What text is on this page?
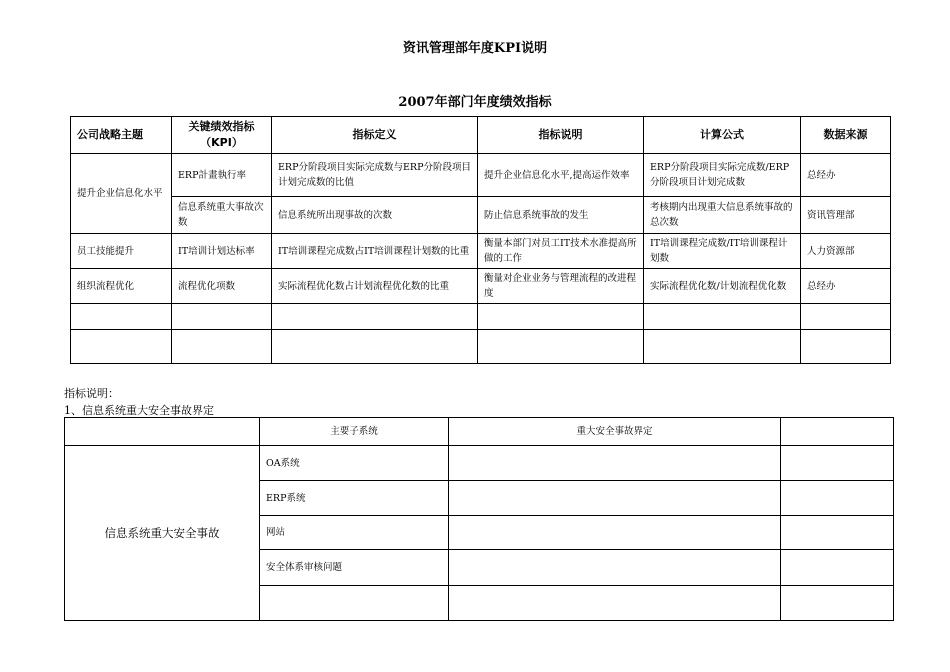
资讯管理部年度KPI说明
2007年部门年度绩效指标
公司战略主题	关键绩效指标（KPI）	指标定义	指标说明	计算公式	数据来源
提升企业信息化水平	ERP計畫執行率	ERP分阶段项目实际完成数与ERP分阶段项目计划完成数的比值	提升企业信息化水平,提高运作效率	ERP分阶段项目实际完成数/ERP分阶段项目计划完成数	总经办
	信息系统重大事故次数	信息系统所出现事故的次数	防止信息系统事故的发生	考核期内出现重大信息系统事故的总次数	资讯管理部
员工技能提升	IT培训计划达标率	IT培训课程完成数占IT培训课程计划数的比重	衡量本部门对员工IT技术水准提高所做的工作	IT培训课程完成数/IT培训课程计划数	人力资源部
组织流程优化	流程优化项数	实际流程优化数占计划流程优化数的比重	衡量对企业业务与管理流程的改进程度	实际流程优化数/计划流程优化数	总经办

指标说明：
1、信息系统重大安全事故界定
	主要子系统	重大安全事故界定	
信息系统重大安全事故	OA系统		
	ERP系统		
	网站		
	安全体系审核问题		
